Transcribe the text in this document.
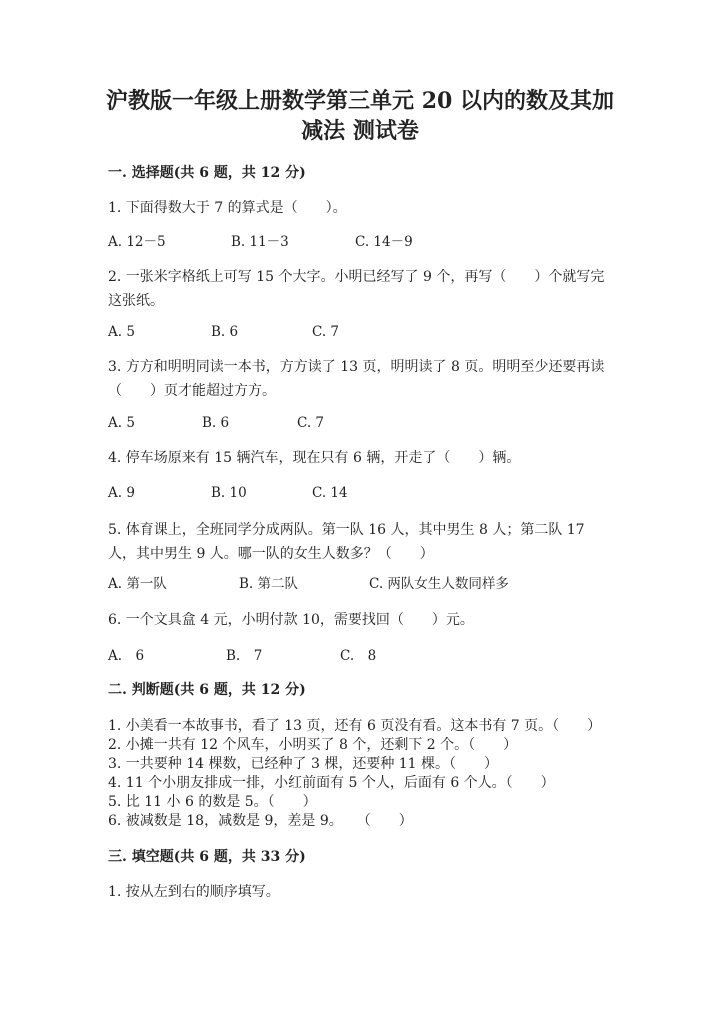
沪教版一年级上册数学第三单元 20 以内的数及其加
减法 测试卷
一. 选择题(共 6 题，共 12 分)
1. 下面得数大于 7 的算式是（　　）。
A. 12－5	B. 11－3	C. 14－9
2. 一张米字格纸上可写 15 个大字。小明已经写了 9 个，再写（　　）个就写完这张纸。
A. 5	B. 6	C. 7
3. 方方和明明同读一本书，方方读了 13 页，明明读了 8 页。明明至少还要再读（　　）页才能超过方方。
A. 5	B. 6	C. 7
4. 停车场原来有 15 辆汽车，现在只有 6 辆，开走了（　　）辆。
A. 9	B. 10	C. 14
5. 体育课上，全班同学分成两队。第一队 16 人，其中男生 8 人；第二队 17 人，其中男生 9 人。哪一队的女生人数多？（　　）
A. 第一队	B. 第二队	C. 两队女生人数同样多
6. 一个文具盒 4 元，小明付款 10，需要找回（　　）元。
A.　6	B.　7	C.　8
二. 判断题(共 6 题，共 12 分)
1. 小美看一本故事书，看了 13 页，还有 6 页没有看。这本书有 7 页。（　　）
2. 小摊一共有 12 个风车，小明买了 8 个，还剩下 2 个。（　　）
3. 一共要种 14 棵数，已经种了 3 棵，还要种 11 棵。（　　）
4. 11 个小朋友排成一排，小红前面有 5 个人，后面有 6 个人。（　　）
5. 比 11 小 6 的数是 5。（　　）
6. 被减数是 18，减数是 9，差是 9。　　（　　）
三. 填空题(共 6 题，共 33 分)
1. 按从左到右的顺序填写。
